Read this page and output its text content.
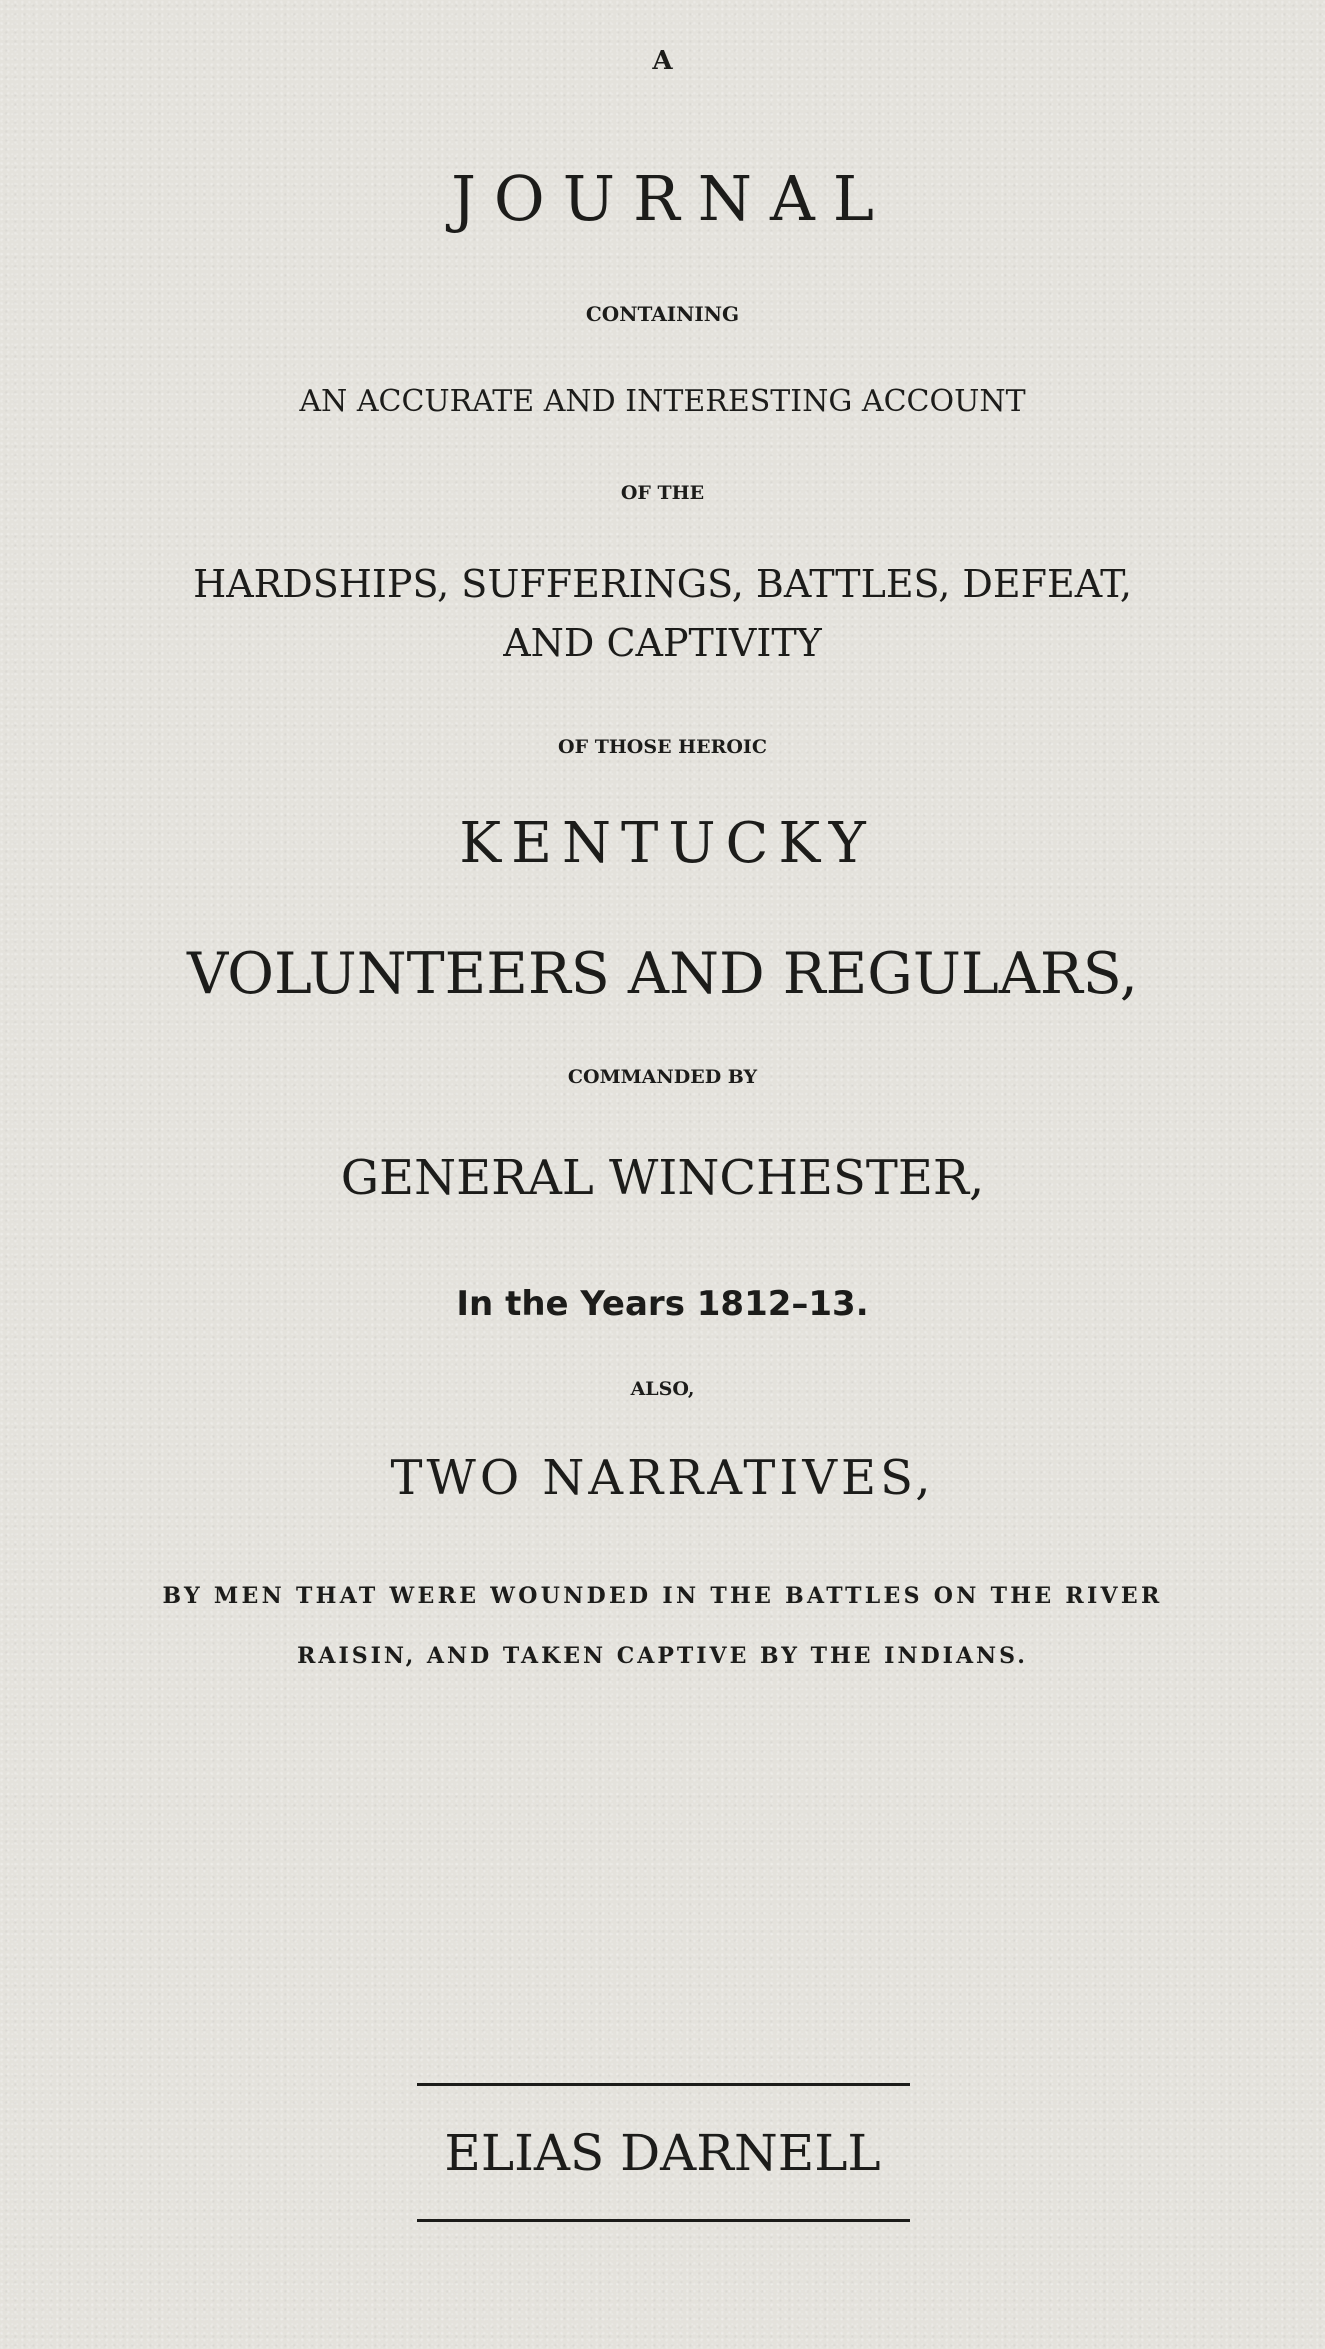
A
JOURNAL
CONTAINING
AN ACCURATE AND INTERESTING ACCOUNT
OF THE
HARDSHIPS, SUFFERINGS, BATTLES, DEFEAT,
AND CAPTIVITY
OF THOSE HEROIC
KENTUCKY
VOLUNTEERS AND REGULARS,
COMMANDED BY
GENERAL WINCHESTER,
In the Years 1812–13.
ALSO,
TWO NARRATIVES,
BY MEN THAT WERE WOUNDED IN THE BATTLES ON THE RIVER
RAISIN, AND TAKEN CAPTIVE BY THE INDIANS.
ELIAS DARNELL
